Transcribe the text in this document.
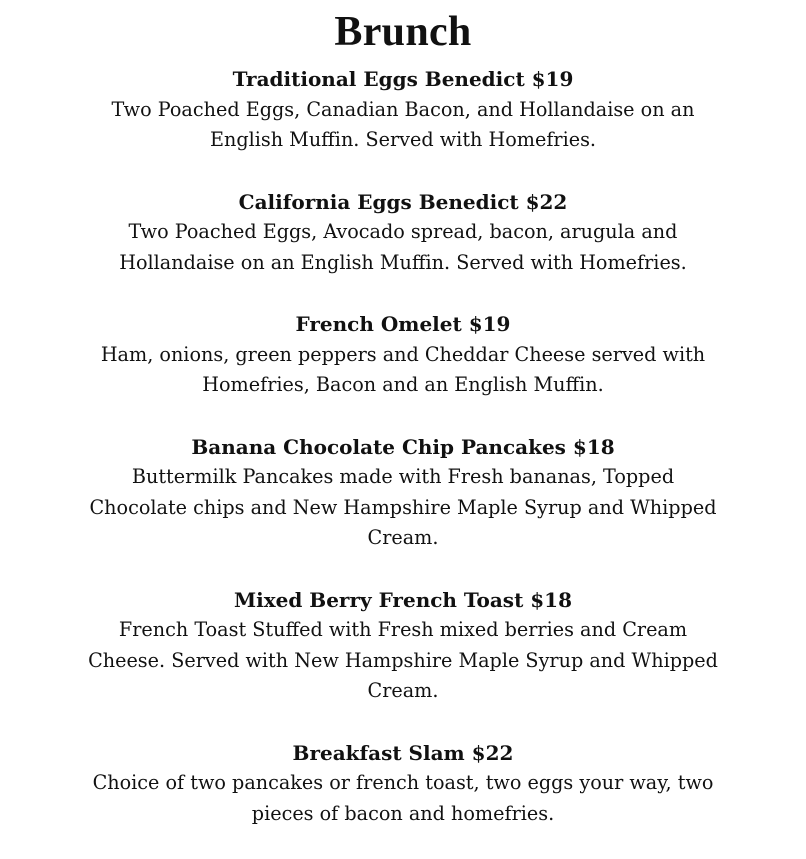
Brunch

Traditional Eggs Benedict $19

Two Poached Eggs, Canadian Bacon, and Hollandaise on an
English Muffin. Served with Homefries.

California Eggs Benedict $22

Two Poached Eggs, Avocado spread, bacon, arugula and
Hollandaise on an English Muffin. Served with Homefries.

French Omelet $19

Ham, onions, green peppers and Cheddar Cheese served with
Homefries, Bacon and an English Muffin.

Banana Chocolate Chip Pancakes $18

Buttermilk Pancakes made with Fresh bananas, Topped
Chocolate chips and New Hampshire Maple Syrup and Whipped
Cream.

Mixed Berry French Toast $18

French Toast Stuffed with Fresh mixed berries and Cream
Cheese. Served with New Hampshire Maple Syrup and Whipped
Cream.

Breakfast Slam $22

Choice of two pancakes or french toast, two eggs your way, two
pieces of bacon and homefries.
